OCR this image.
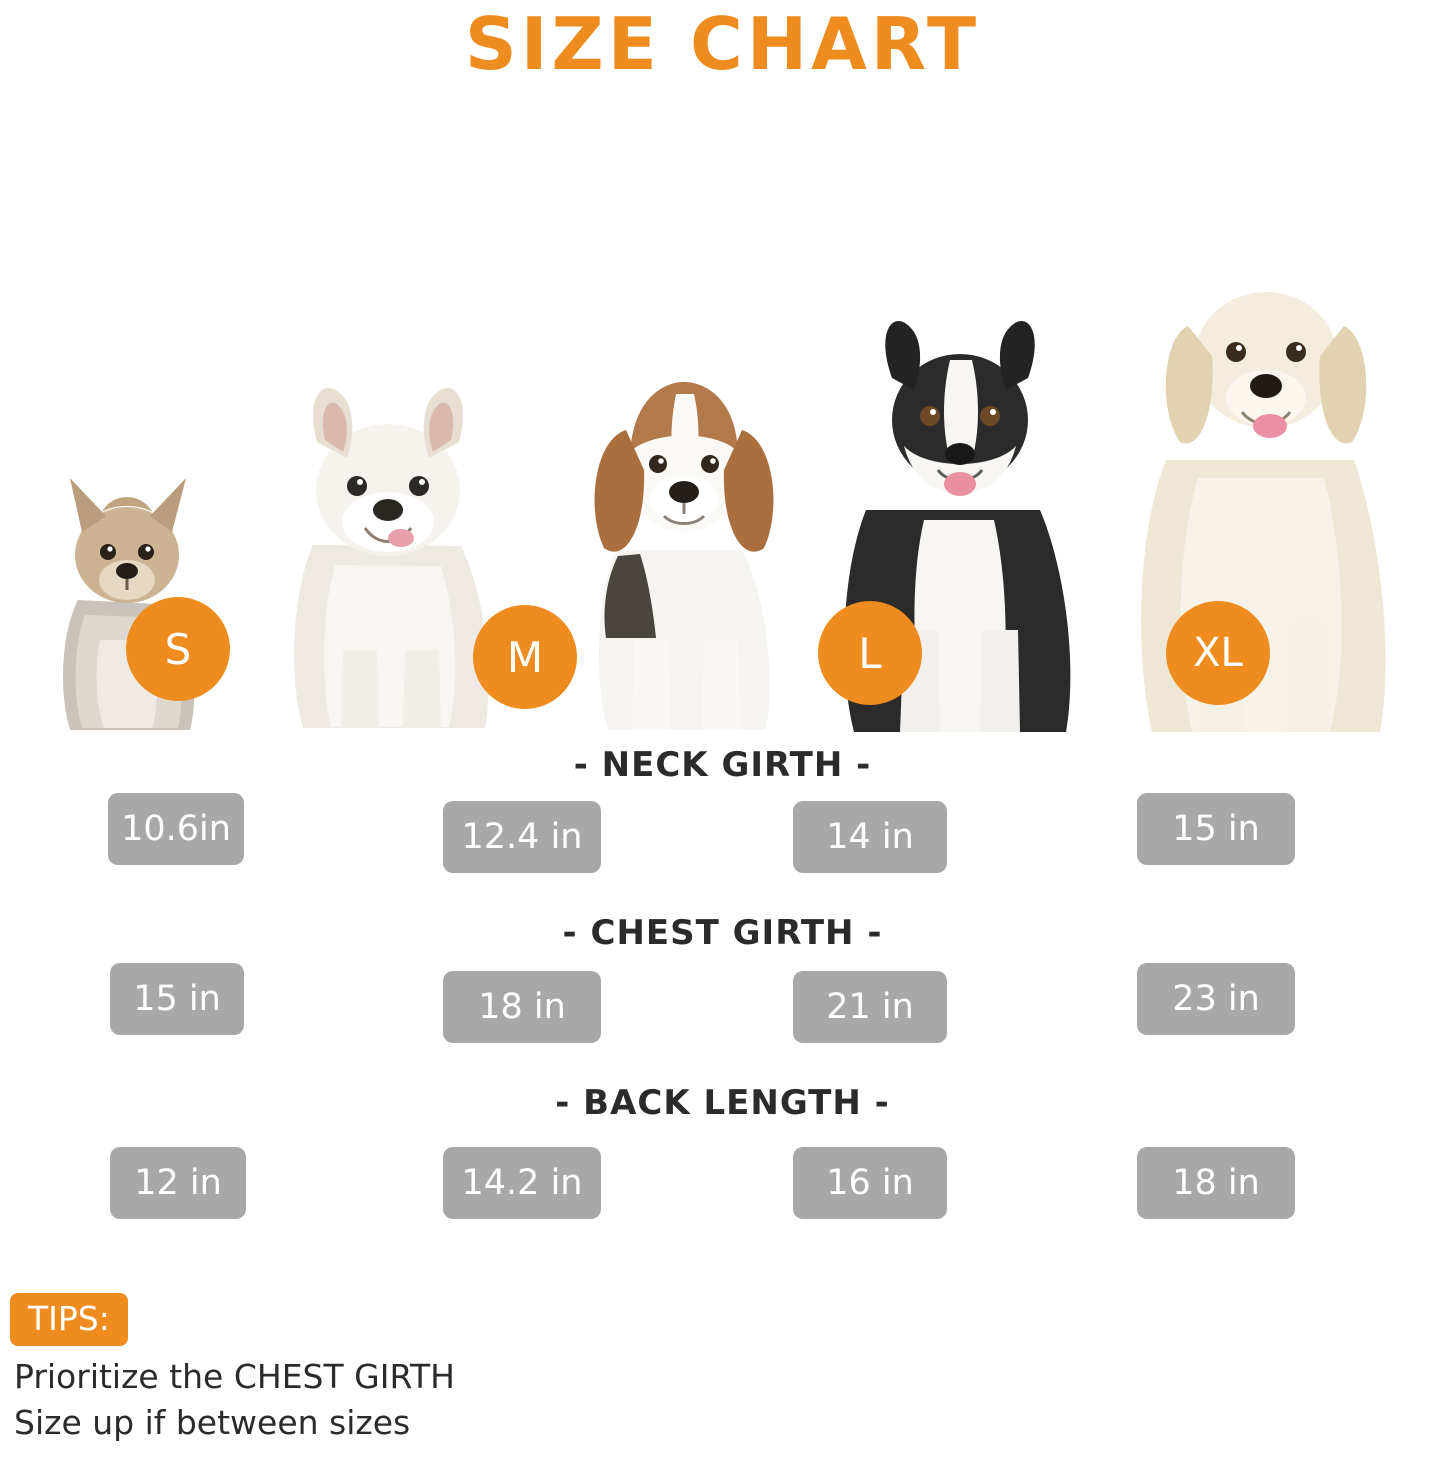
SIZE CHART
S	M	L	XL
- NECK GIRTH -
10.6in	12.4 in	14 in	15 in
- CHEST GIRTH -
15 in	18 in	21 in	23 in
- BACK LENGTH -
12 in	14.2 in	16 in	18 in
TIPS:
Prioritize the CHEST GIRTH
Size up if between sizes
